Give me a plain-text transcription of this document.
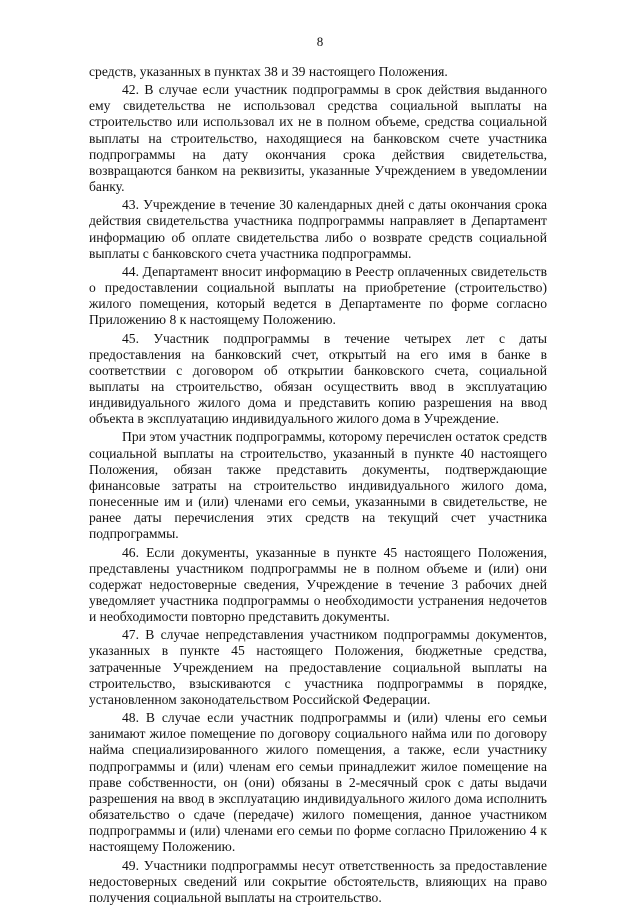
8

средств, указанных в пунктах 38 и 39 настоящего Положения.

42. В случае если участник подпрограммы в срок действия выданного ему свидетельства не использовал средства социальной выплаты на строительство или использовал их не в полном объеме, средства социальной выплаты на строительство, находящиеся на банковском счете участника подпрограммы на дату окончания срока действия свидетельства, возвращаются банком на реквизиты, указанные Учреждением в уведомлении банку.

43. Учреждение в течение 30 календарных дней с даты окончания срока действия свидетельства участника подпрограммы направляет в Департамент информацию об оплате свидетельства либо о возврате средств социальной выплаты с банковского счета участника подпрограммы.

44. Департамент вносит информацию в Реестр оплаченных свидетельств о предоставлении социальной выплаты на приобретение (строительство) жилого помещения, который ведется в Департаменте по форме согласно Приложению 8 к настоящему Положению.

45. Участник подпрограммы в течение четырех лет с даты предоставления на банковский счет, открытый на его имя в банке в соответствии с договором об открытии банковского счета, социальной выплаты на строительство, обязан осуществить ввод в эксплуатацию индивидуального жилого дома и представить копию разрешения на ввод объекта в эксплуатацию индивидуального жилого дома в Учреждение.

При этом участник подпрограммы, которому перечислен остаток средств социальной выплаты на строительство, указанный в пункте 40 настоящего Положения, обязан также представить документы, подтверждающие финансовые затраты на строительство индивидуального жилого дома, понесенные им и (или) членами его семьи, указанными в свидетельстве, не ранее даты перечисления этих средств на текущий счет участника подпрограммы.

46. Если документы, указанные в пункте 45 настоящего Положения, представлены участником подпрограммы не в полном объеме и (или) они содержат недостоверные сведения, Учреждение в течение 3 рабочих дней уведомляет участника подпрограммы о необходимости устранения недочетов и необходимости повторно представить документы.

47. В случае непредставления участником подпрограммы документов, указанных в пункте 45 настоящего Положения, бюджетные средства, затраченные Учреждением на предоставление социальной выплаты на строительство, взыскиваются с участника подпрограммы в порядке, установленном законодательством Российской Федерации.

48. В случае если участник подпрограммы и (или) члены его семьи занимают жилое помещение по договору социального найма или по договору найма специализированного жилого помещения, а также, если участнику подпрограммы и (или) членам его семьи принадлежит жилое помещение на праве собственности, он (они) обязаны в 2-месячный срок с даты выдачи разрешения на ввод в эксплуатацию индивидуального жилого дома исполнить обязательство о сдаче (передаче) жилого помещения, данное участником подпрограммы и (или) членами его семьи по форме согласно Приложению 4 к настоящему Положению.

49. Участники подпрограммы несут ответственность за предоставление недостоверных сведений или сокрытие обстоятельств, влияющих на право получения социальной выплаты на строительство.
